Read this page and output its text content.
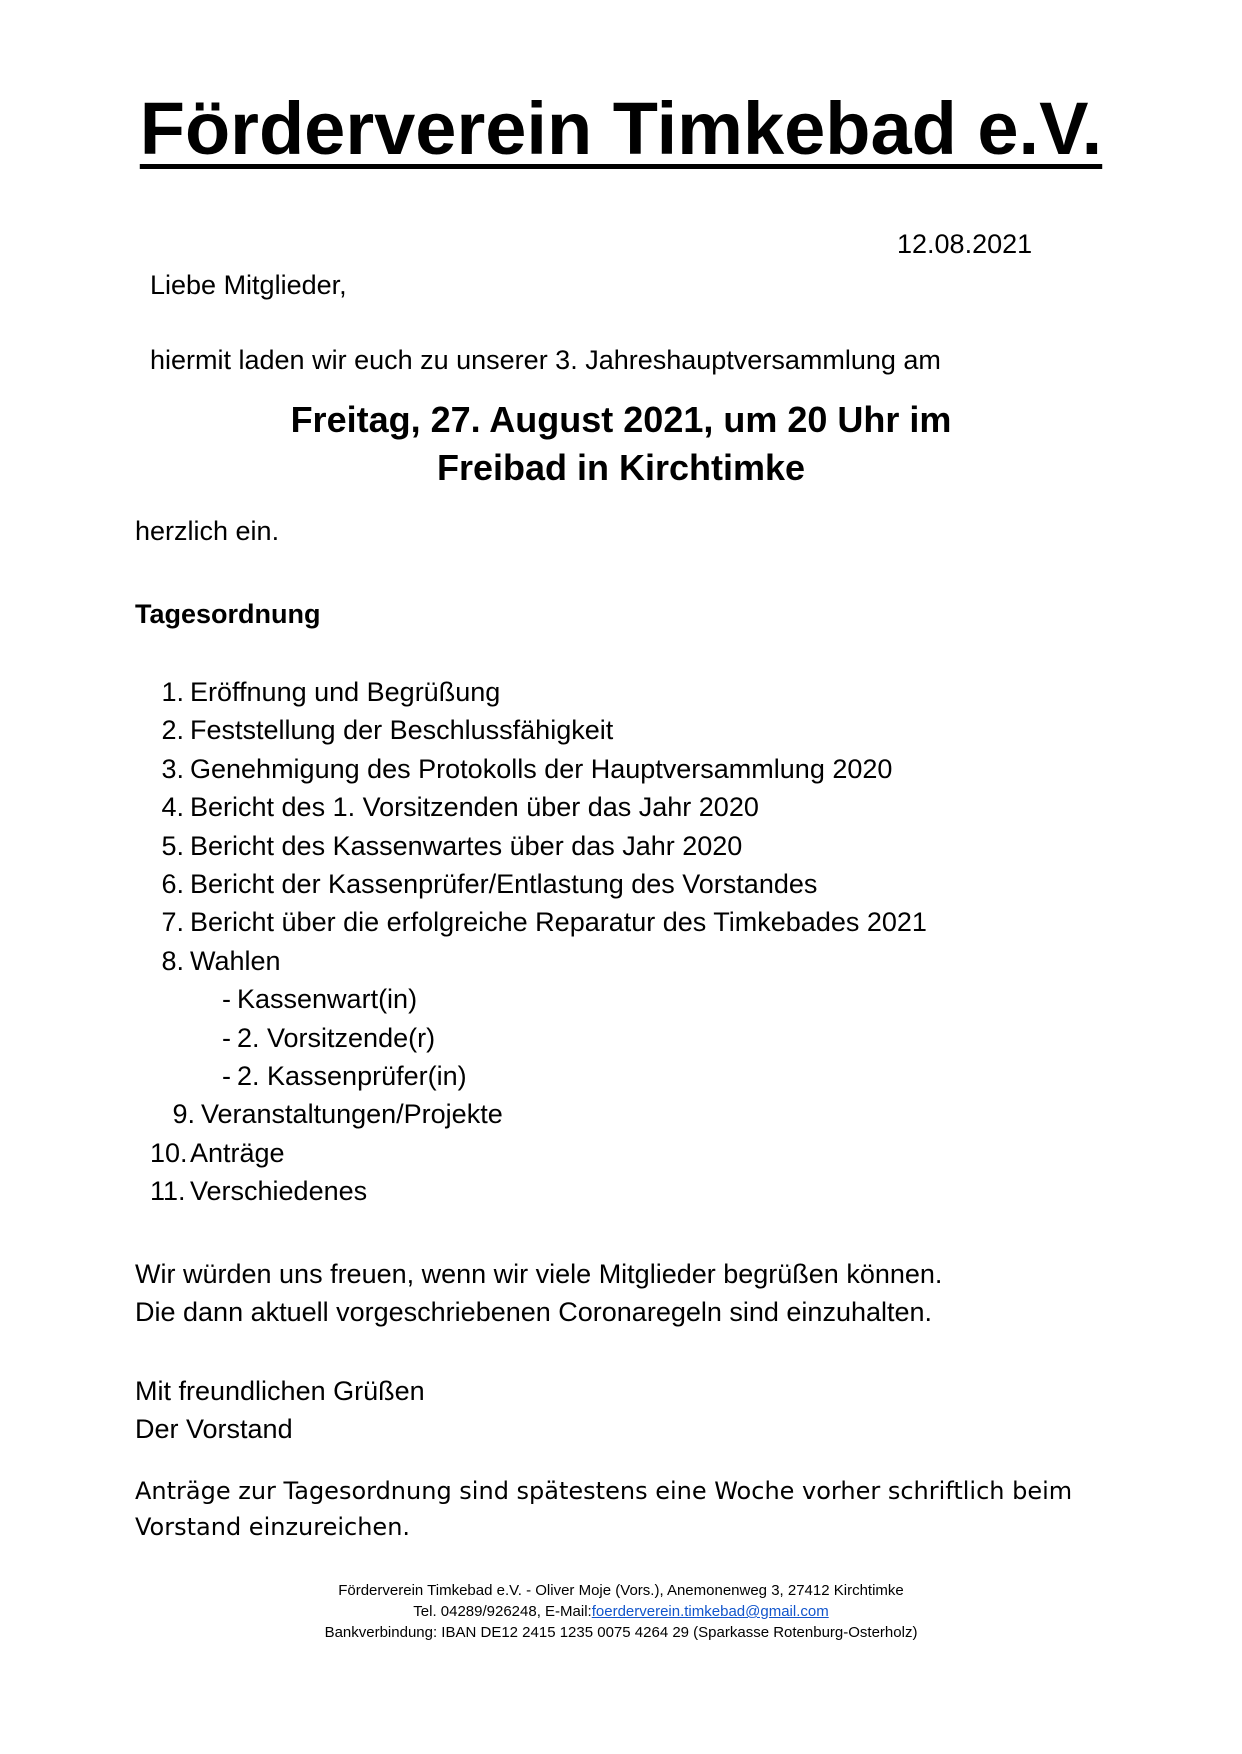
Förderverein Timkebad e.V.
12.08.2021
Liebe Mitglieder,
hiermit laden wir euch zu unserer 3. Jahreshauptversammlung am
Freitag, 27. August 2021, um 20 Uhr im
Freibad in Kirchtimke
herzlich ein.
Tagesordnung
1. Eröffnung und Begrüßung
2. Feststellung der Beschlussfähigkeit
3. Genehmigung des Protokolls der Hauptversammlung 2020
4. Bericht des 1. Vorsitzenden über das Jahr 2020
5. Bericht des Kassenwartes über das Jahr 2020
6. Bericht der Kassenprüfer/Entlastung des Vorstandes
7. Bericht über die erfolgreiche Reparatur des Timkebades 2021
8. Wahlen
- Kassenwart(in)
- 2. Vorsitzende(r)
- 2. Kassenprüfer(in)
9. Veranstaltungen/Projekte
10.Anträge
11. Verschiedenes
Wir würden uns freuen, wenn wir viele Mitglieder begrüßen können.
Die dann aktuell vorgeschriebenen Coronaregeln sind einzuhalten.
Mit freundlichen Grüßen
Der Vorstand
Anträge zur Tagesordnung sind spätestens eine Woche vorher schriftlich beim
Vorstand einzureichen.
Förderverein Timkebad e.V. - Oliver Moje (Vors.), Anemonenweg 3, 27412 Kirchtimke
Tel. 04289/926248, E-Mail:foerderverein.timkebad@gmail.com
Bankverbindung: IBAN DE12 2415 1235 0075 4264 29 (Sparkasse Rotenburg-Osterholz)
